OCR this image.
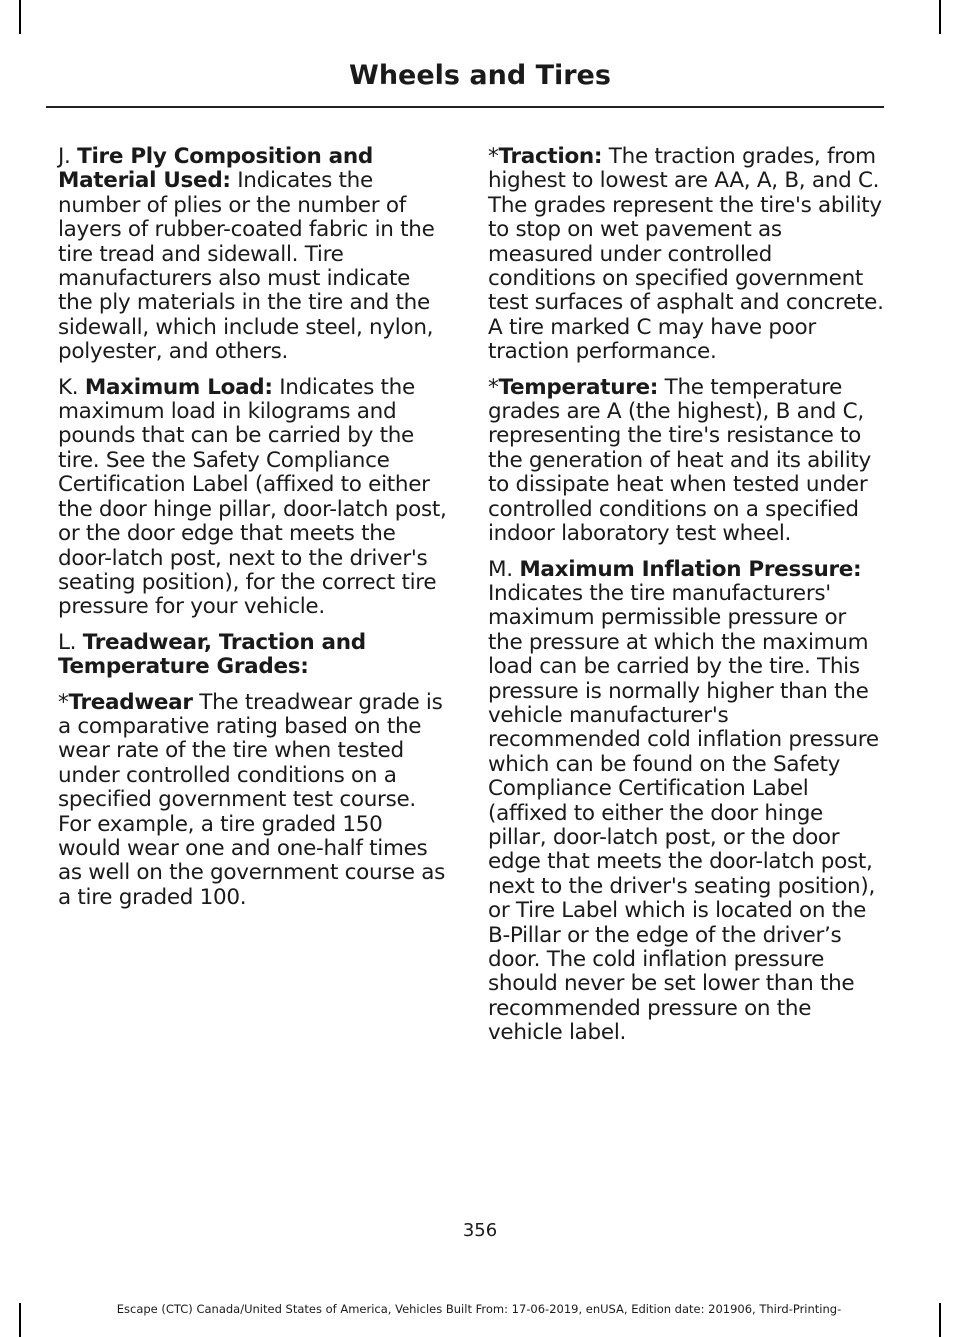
Wheels and Tires

J. Tire Ply Composition and Material Used: Indicates the number of plies or the number of layers of rubber-coated fabric in the tire tread and sidewall. Tire manufacturers also must indicate the ply materials in the tire and the sidewall, which include steel, nylon, polyester, and others.

K. Maximum Load: Indicates the maximum load in kilograms and pounds that can be carried by the tire. See the Safety Compliance Certification Label (affixed to either the door hinge pillar, door-latch post, or the door edge that meets the door-latch post, next to the driver's seating position), for the correct tire pressure for your vehicle.

L. Treadwear, Traction and Temperature Grades:

*Treadwear The treadwear grade is a comparative rating based on the wear rate of the tire when tested under controlled conditions on a specified government test course. For example, a tire graded 150 would wear one and one-half times as well on the government course as a tire graded 100.

*Traction: The traction grades, from highest to lowest are AA, A, B, and C. The grades represent the tire's ability to stop on wet pavement as measured under controlled conditions on specified government test surfaces of asphalt and concrete. A tire marked C may have poor traction performance.

*Temperature: The temperature grades are A (the highest), B and C, representing the tire's resistance to the generation of heat and its ability to dissipate heat when tested under controlled conditions on a specified indoor laboratory test wheel.

M. Maximum Inflation Pressure: Indicates the tire manufacturers' maximum permissible pressure or the pressure at which the maximum load can be carried by the tire. This pressure is normally higher than the vehicle manufacturer's recommended cold inflation pressure which can be found on the Safety Compliance Certification Label (affixed to either the door hinge pillar, door-latch post, or the door edge that meets the door-latch post, next to the driver's seating position), or Tire Label which is located on the B-Pillar or the edge of the driver’s door. The cold inflation pressure should never be set lower than the recommended pressure on the vehicle label.

356
Escape (CTC) Canada/United States of America, Vehicles Built From: 17-06-2019, enUSA, Edition date: 201906, Third-Printing-
